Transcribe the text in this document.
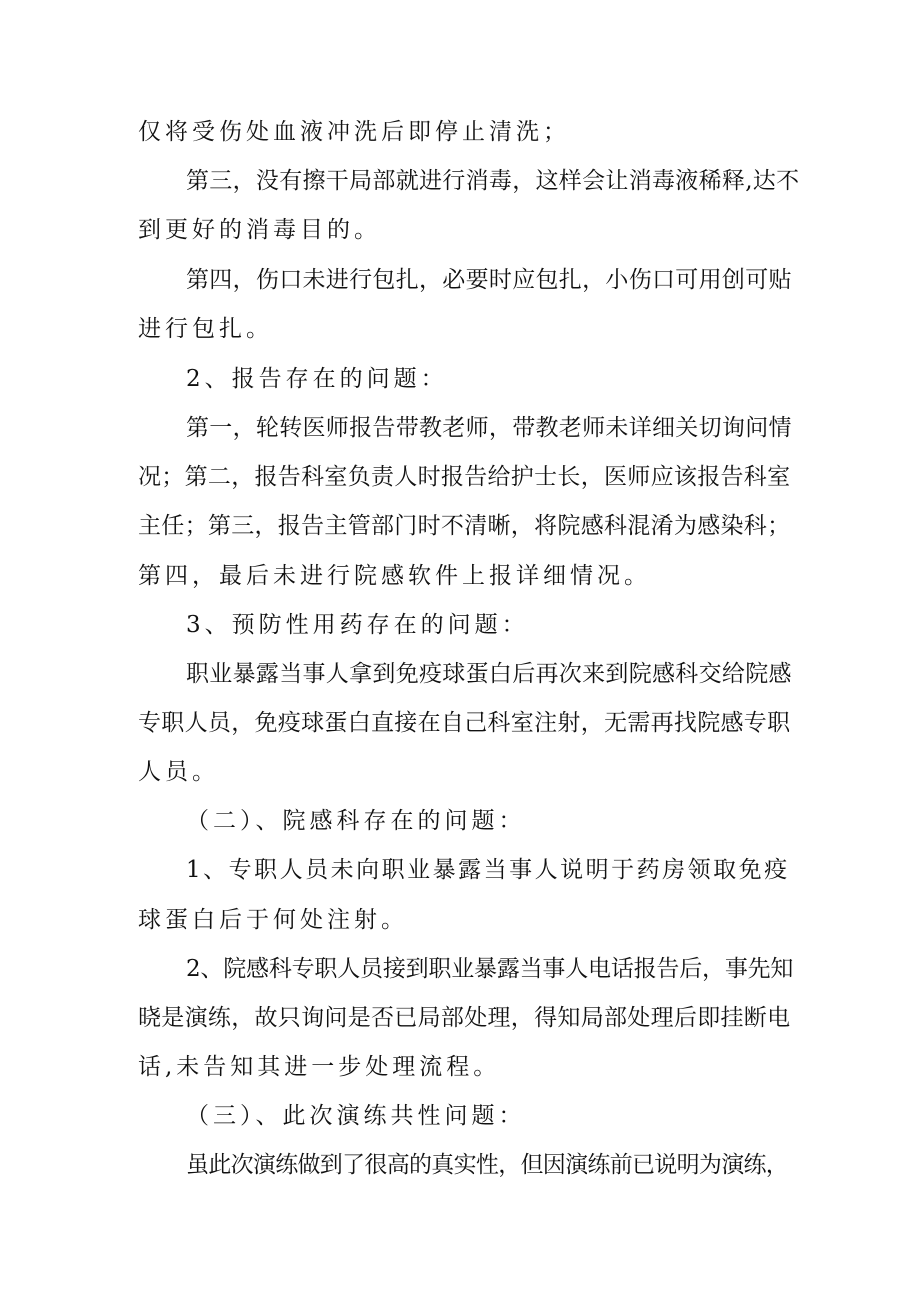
仅将受伤处血液冲洗后即停止清洗；
第三，没有擦干局部就进行消毒，这样会让消毒液稀释,达不
到更好的消毒目的。
第四，伤口未进行包扎，必要时应包扎，小伤口可用创可贴
进行包扎。
2、报告存在的问题：
第一，轮转医师报告带教老师，带教老师未详细关切询问情
况；第二，报告科室负责人时报告给护士长，医师应该报告科室
主任；第三，报告主管部门时不清晰，将院感科混淆为感染科；
第四，最后未进行院感软件上报详细情况。
3、预防性用药存在的问题：
职业暴露当事人拿到免疫球蛋白后再次来到院感科交给院感
专职人员，免疫球蛋白直接在自己科室注射，无需再找院感专职
人员。
（二）、院感科存在的问题：
1、专职人员未向职业暴露当事人说明于药房领取免疫
球蛋白后于何处注射。
2、院感科专职人员接到职业暴露当事人电话报告后，事先知
晓是演练，故只询问是否已局部处理，得知局部处理后即挂断电
话,未告知其进一步处理流程。
（三）、此次演练共性问题：
虽此次演练做到了很高的真实性，但因演练前已说明为演练，
